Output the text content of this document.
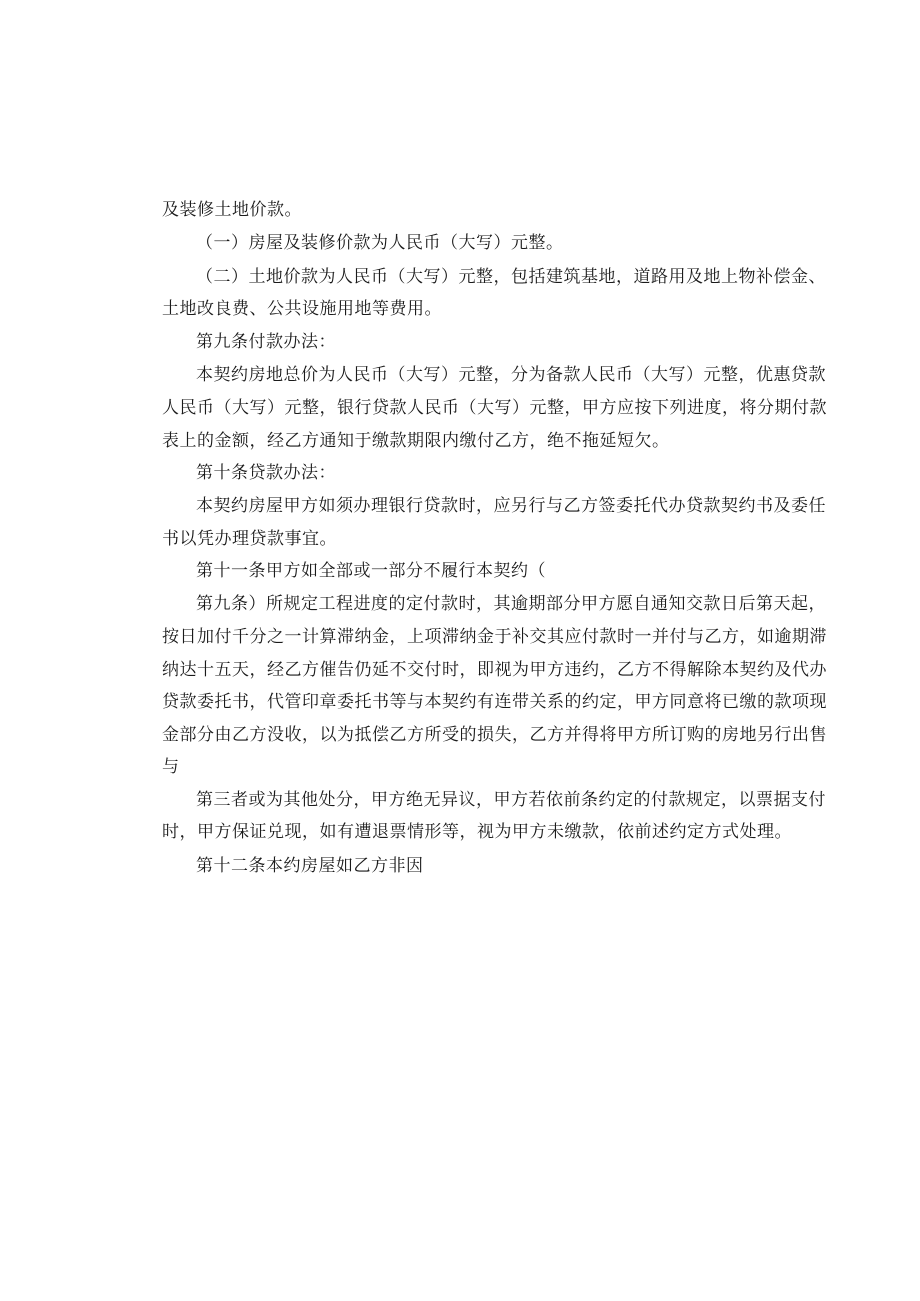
及装修土地价款。
（一）房屋及装修价款为人民币（大写）元整。
（二）土地价款为人民币（大写）元整，包括建筑基地，道路用及地上物补偿金、
土地改良费、公共设施用地等费用。
第九条付款办法：
本契约房地总价为人民币（大写）元整，分为备款人民币（大写）元整，优惠贷款
人民币（大写）元整，银行贷款人民币（大写）元整，甲方应按下列进度，将分期付款
表上的金额，经乙方通知于缴款期限内缴付乙方，绝不拖延短欠。
第十条贷款办法：
本契约房屋甲方如须办理银行贷款时，应另行与乙方签委托代办贷款契约书及委任
书以凭办理贷款事宜。
第十一条甲方如全部或一部分不履行本契约（
第九条）所规定工程进度的定付款时，其逾期部分甲方愿自通知交款日后第天起，
按日加付千分之一计算滞纳金，上项滞纳金于补交其应付款时一并付与乙方，如逾期滞
纳达十五天，经乙方催告仍延不交付时，即视为甲方违约，乙方不得解除本契约及代办
贷款委托书，代管印章委托书等与本契约有连带关系的约定，甲方同意将已缴的款项现
金部分由乙方没收，以为抵偿乙方所受的损失，乙方并得将甲方所订购的房地另行出售
与
第三者或为其他处分，甲方绝无异议，甲方若依前条约定的付款规定，以票据支付
时，甲方保证兑现，如有遭退票情形等，视为甲方未缴款，依前述约定方式处理。
第十二条本约房屋如乙方非因
